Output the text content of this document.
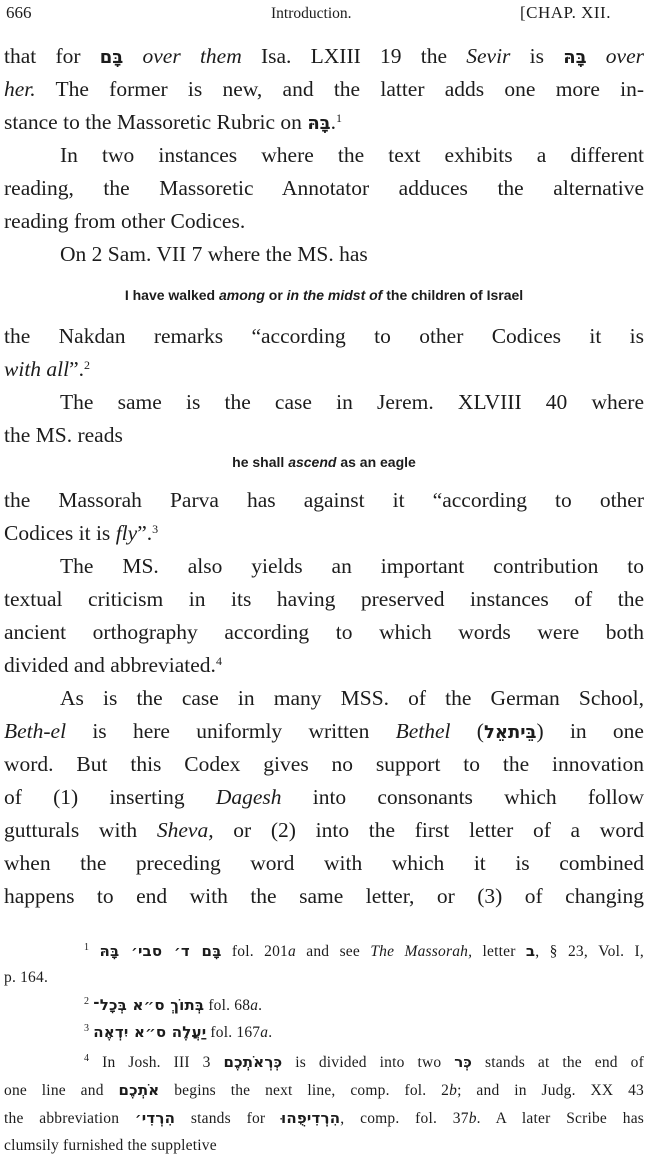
666	Introduction.	[CHAP. XII.
that for בָּם over them Isa. LXIII 19 the Sevir is בָּהּ over
her. The former is new, and the latter adds one more in-
stance to the Massoretic Rubric on בָּהּ.$^1$
In two instances where the text exhibits a different
reading, the Massoretic Annotator adduces the alternative
reading from other Codices.
On 2 Sam. VII 7 where the MS. has
I have walked among or in the midst of the children of Israel
the Nakdan remarks “according to other Codices it is
with all”.$^2$
The same is the case in Jerem. XLVIII 40 where
the MS. reads
he shall ascend as an eagle
the Massorah Parva has against it “according to other
Codices it is fly”.$^3$
The MS. also yields an important contribution to
textual criticism in its having preserved instances of the
ancient orthography according to which words were both
divided and abbreviated.$^4$
As is the case in many MSS. of the German School,
Beth-el is here uniformly written Bethel (בֵּיתאֵל) in one
word. But this Codex gives no support to the innovation
of (1) inserting Dagesh into consonants which follow
gutturals with Sheva, or (2) into the first letter of a word
when the preceding word with which it is combined
happens to end with the same letter, or (3) of changing
$^1$ בָּם ד׳ סבי׳ בָּהּ fol. 201a and see The Massorah, letter ב, § 23, Vol. I,
p. 164.
$^2$ בְּתוֹךְ ס״א בְּכָל־ fol. 68a.
$^3$ יַעֲלֶה ס״א יִדְאֶה fol. 167a.
$^4$ In Josh. III 3 כְּרְאֹתְכֶם is divided into two כְּר stands at the end of
one line and אֹתְכֶם begins the next line, comp. fol. 2b; and in Judg. XX 43
the abbreviation הִרְדִי׳ stands for הִרְדִיפֻהוּ, comp. fol. 37b. A later Scribe has
clumsily furnished the suppletive
